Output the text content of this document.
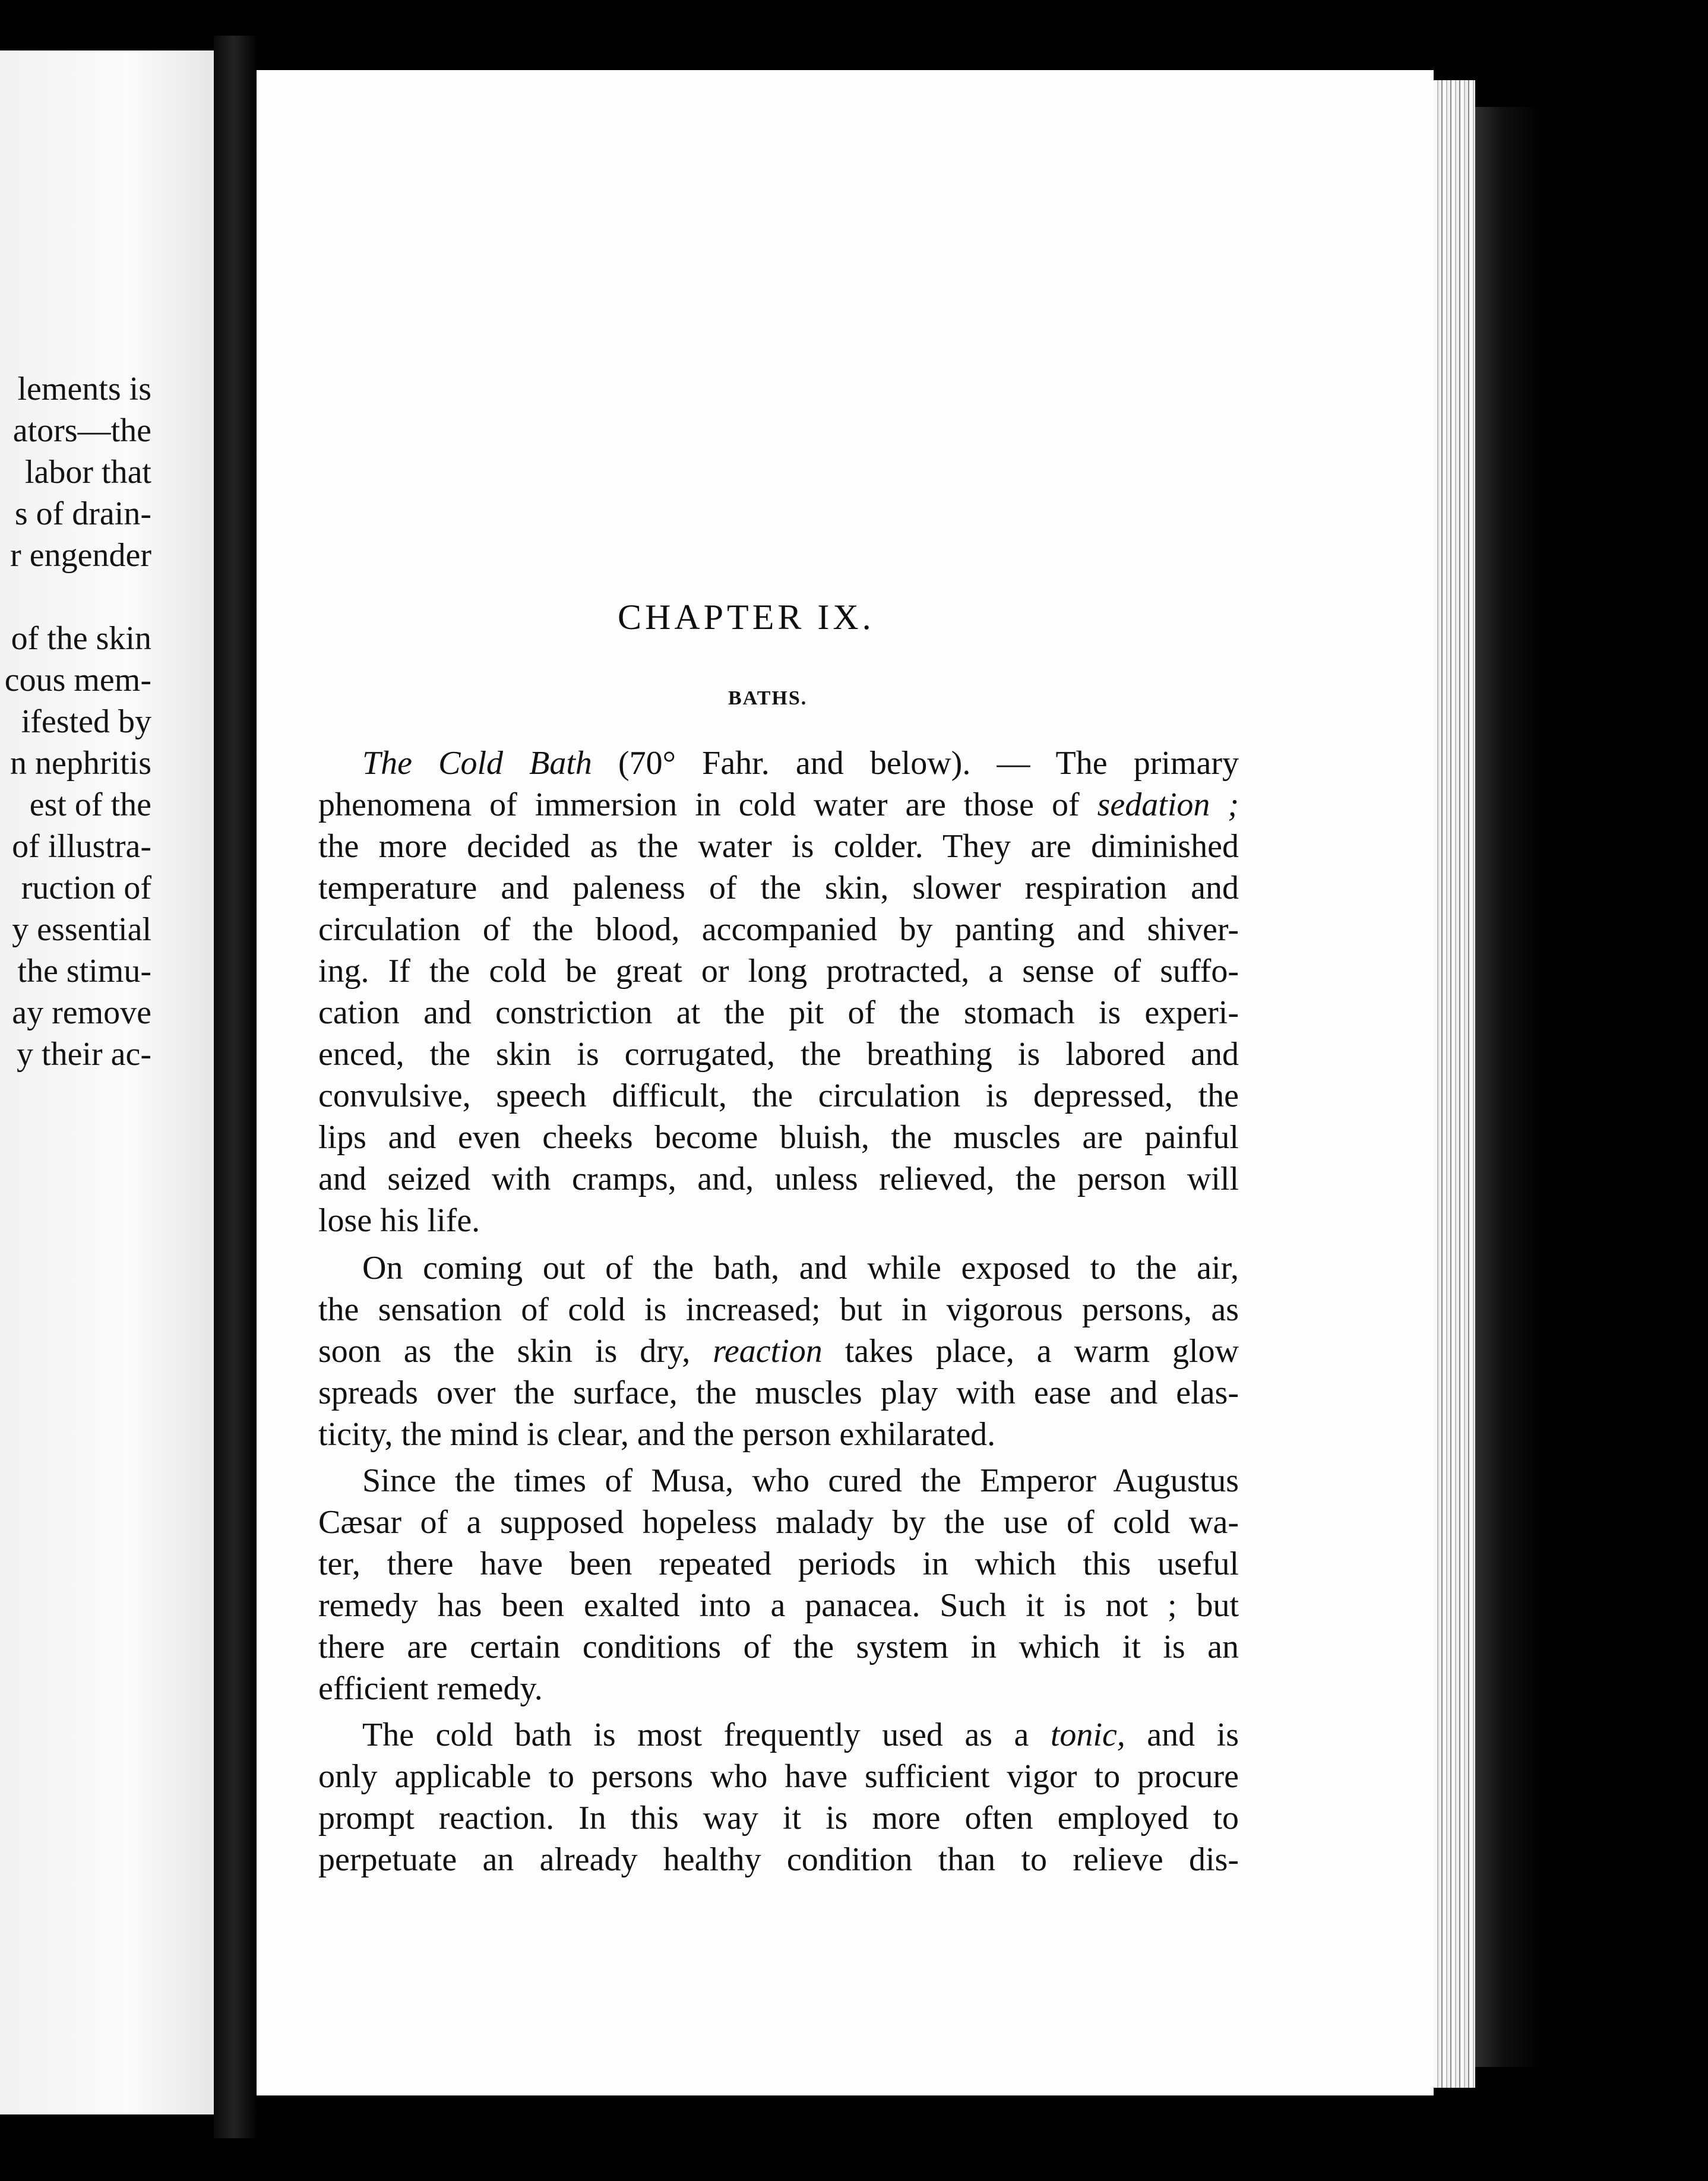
lements is
ators—the
labor that
s of drain-
r engender
of the skin
cous mem-
ifested by
n nephritis
est of the
of illustra-
ruction of
y essential
the stimu-
ay remove
y their ac-
CHAPTER IX.
BATHS.
The Cold Bath (70° Fahr. and below). — The primary
phenomena of immersion in cold water are those of sedation ;
the more decided as the water is colder. They are diminished
temperature and paleness of the skin, slower respiration and
circulation of the blood, accompanied by panting and shiver-
ing. If the cold be great or long protracted, a sense of suffo-
cation and constriction at the pit of the stomach is experi-
enced, the skin is corrugated, the breathing is labored and
convulsive, speech difficult, the circulation is depressed, the
lips and even cheeks become bluish, the muscles are painful
and seized with cramps, and, unless relieved, the person will
lose his life.
On coming out of the bath, and while exposed to the air,
the sensation of cold is increased; but in vigorous persons, as
soon as the skin is dry, reaction takes place, a warm glow
spreads over the surface, the muscles play with ease and elas-
ticity, the mind is clear, and the person exhilarated.
Since the times of Musa, who cured the Emperor Augustus
Cæsar of a supposed hopeless malady by the use of cold wa-
ter, there have been repeated periods in which this useful
remedy has been exalted into a panacea. Such it is not ; but
there are certain conditions of the system in which it is an
efficient remedy.
The cold bath is most frequently used as a tonic, and is
only applicable to persons who have sufficient vigor to procure
prompt reaction. In this way it is more often employed to
perpetuate an already healthy condition than to relieve dis-
